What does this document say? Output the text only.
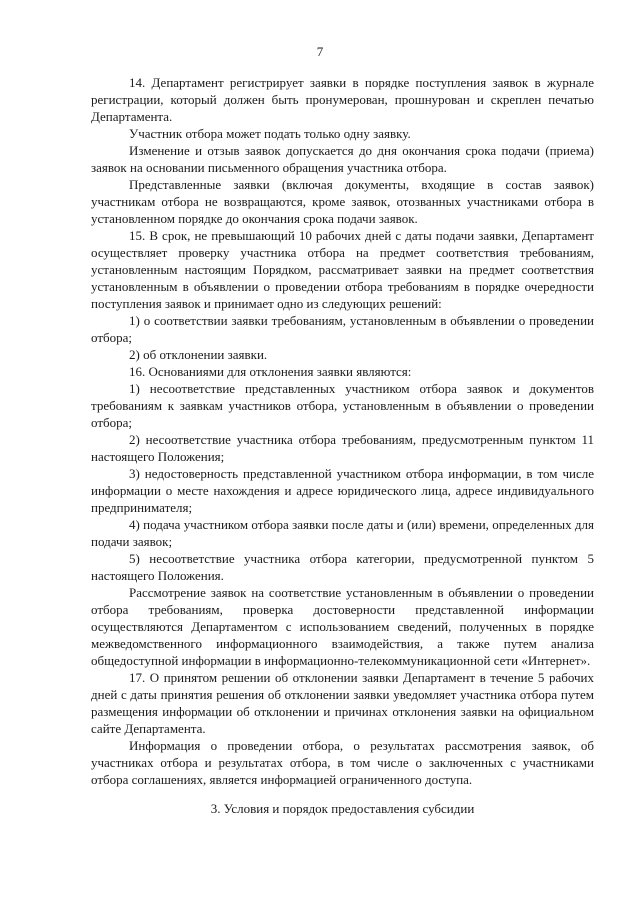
7

14. Департамент регистрирует заявки в порядке поступления заявок в журнале регистрации, который должен быть пронумерован, прошнурован и скреплен печатью Департамента.

Участник отбора может подать только одну заявку.

Изменение и отзыв заявок допускается до дня окончания срока подачи (приема) заявок на основании письменного обращения участника отбора.

Представленные заявки (включая документы, входящие в состав заявок) участникам отбора не возвращаются, кроме заявок, отозванных участниками отбора в установленном порядке до окончания срока подачи заявок.

15. В срок, не превышающий 10 рабочих дней с даты подачи заявки, Департамент осуществляет проверку участника отбора на предмет соответствия требованиям, установленным настоящим Порядком, рассматривает заявки на предмет соответствия установленным в объявлении о проведении отбора требованиям в порядке очередности поступления заявок и принимает одно из следующих решений:

1) о соответствии заявки требованиям, установленным в объявлении о проведении отбора;

2) об отклонении заявки.

16. Основаниями для отклонения заявки являются:

1) несоответствие представленных участником отбора заявок и документов требованиям к заявкам участников отбора, установленным в объявлении о проведении отбора;

2) несоответствие участника отбора требованиям, предусмотренным пунктом 11 настоящего Положения;

3) недостоверность представленной участником отбора информации, в том числе информации о месте нахождения и адресе юридического лица, адресе индивидуального предпринимателя;

4) подача участником отбора заявки после даты и (или) времени, определенных для подачи заявок;

5) несоответствие участника отбора категории, предусмотренной пунктом 5 настоящего Положения.

Рассмотрение заявок на соответствие установленным в объявлении о проведении отбора требованиям, проверка достоверности представленной информации осуществляются Департаментом с использованием сведений, полученных в порядке межведомственного информационного взаимодействия, а также путем анализа общедоступной информации в информационно-телекоммуникационной сети «Интернет».

17. О принятом решении об отклонении заявки Департамент в течение 5 рабочих дней с даты принятия решения об отклонении заявки уведомляет участника отбора путем размещения информации об отклонении и причинах отклонения заявки на официальном сайте Департамента.

Информация о проведении отбора, о результатах рассмотрения заявок, об участниках отбора и результатах отбора, в том числе о заключенных с участниками отбора соглашениях, является информацией ограниченного доступа.

3. Условия и порядок предоставления субсидии
